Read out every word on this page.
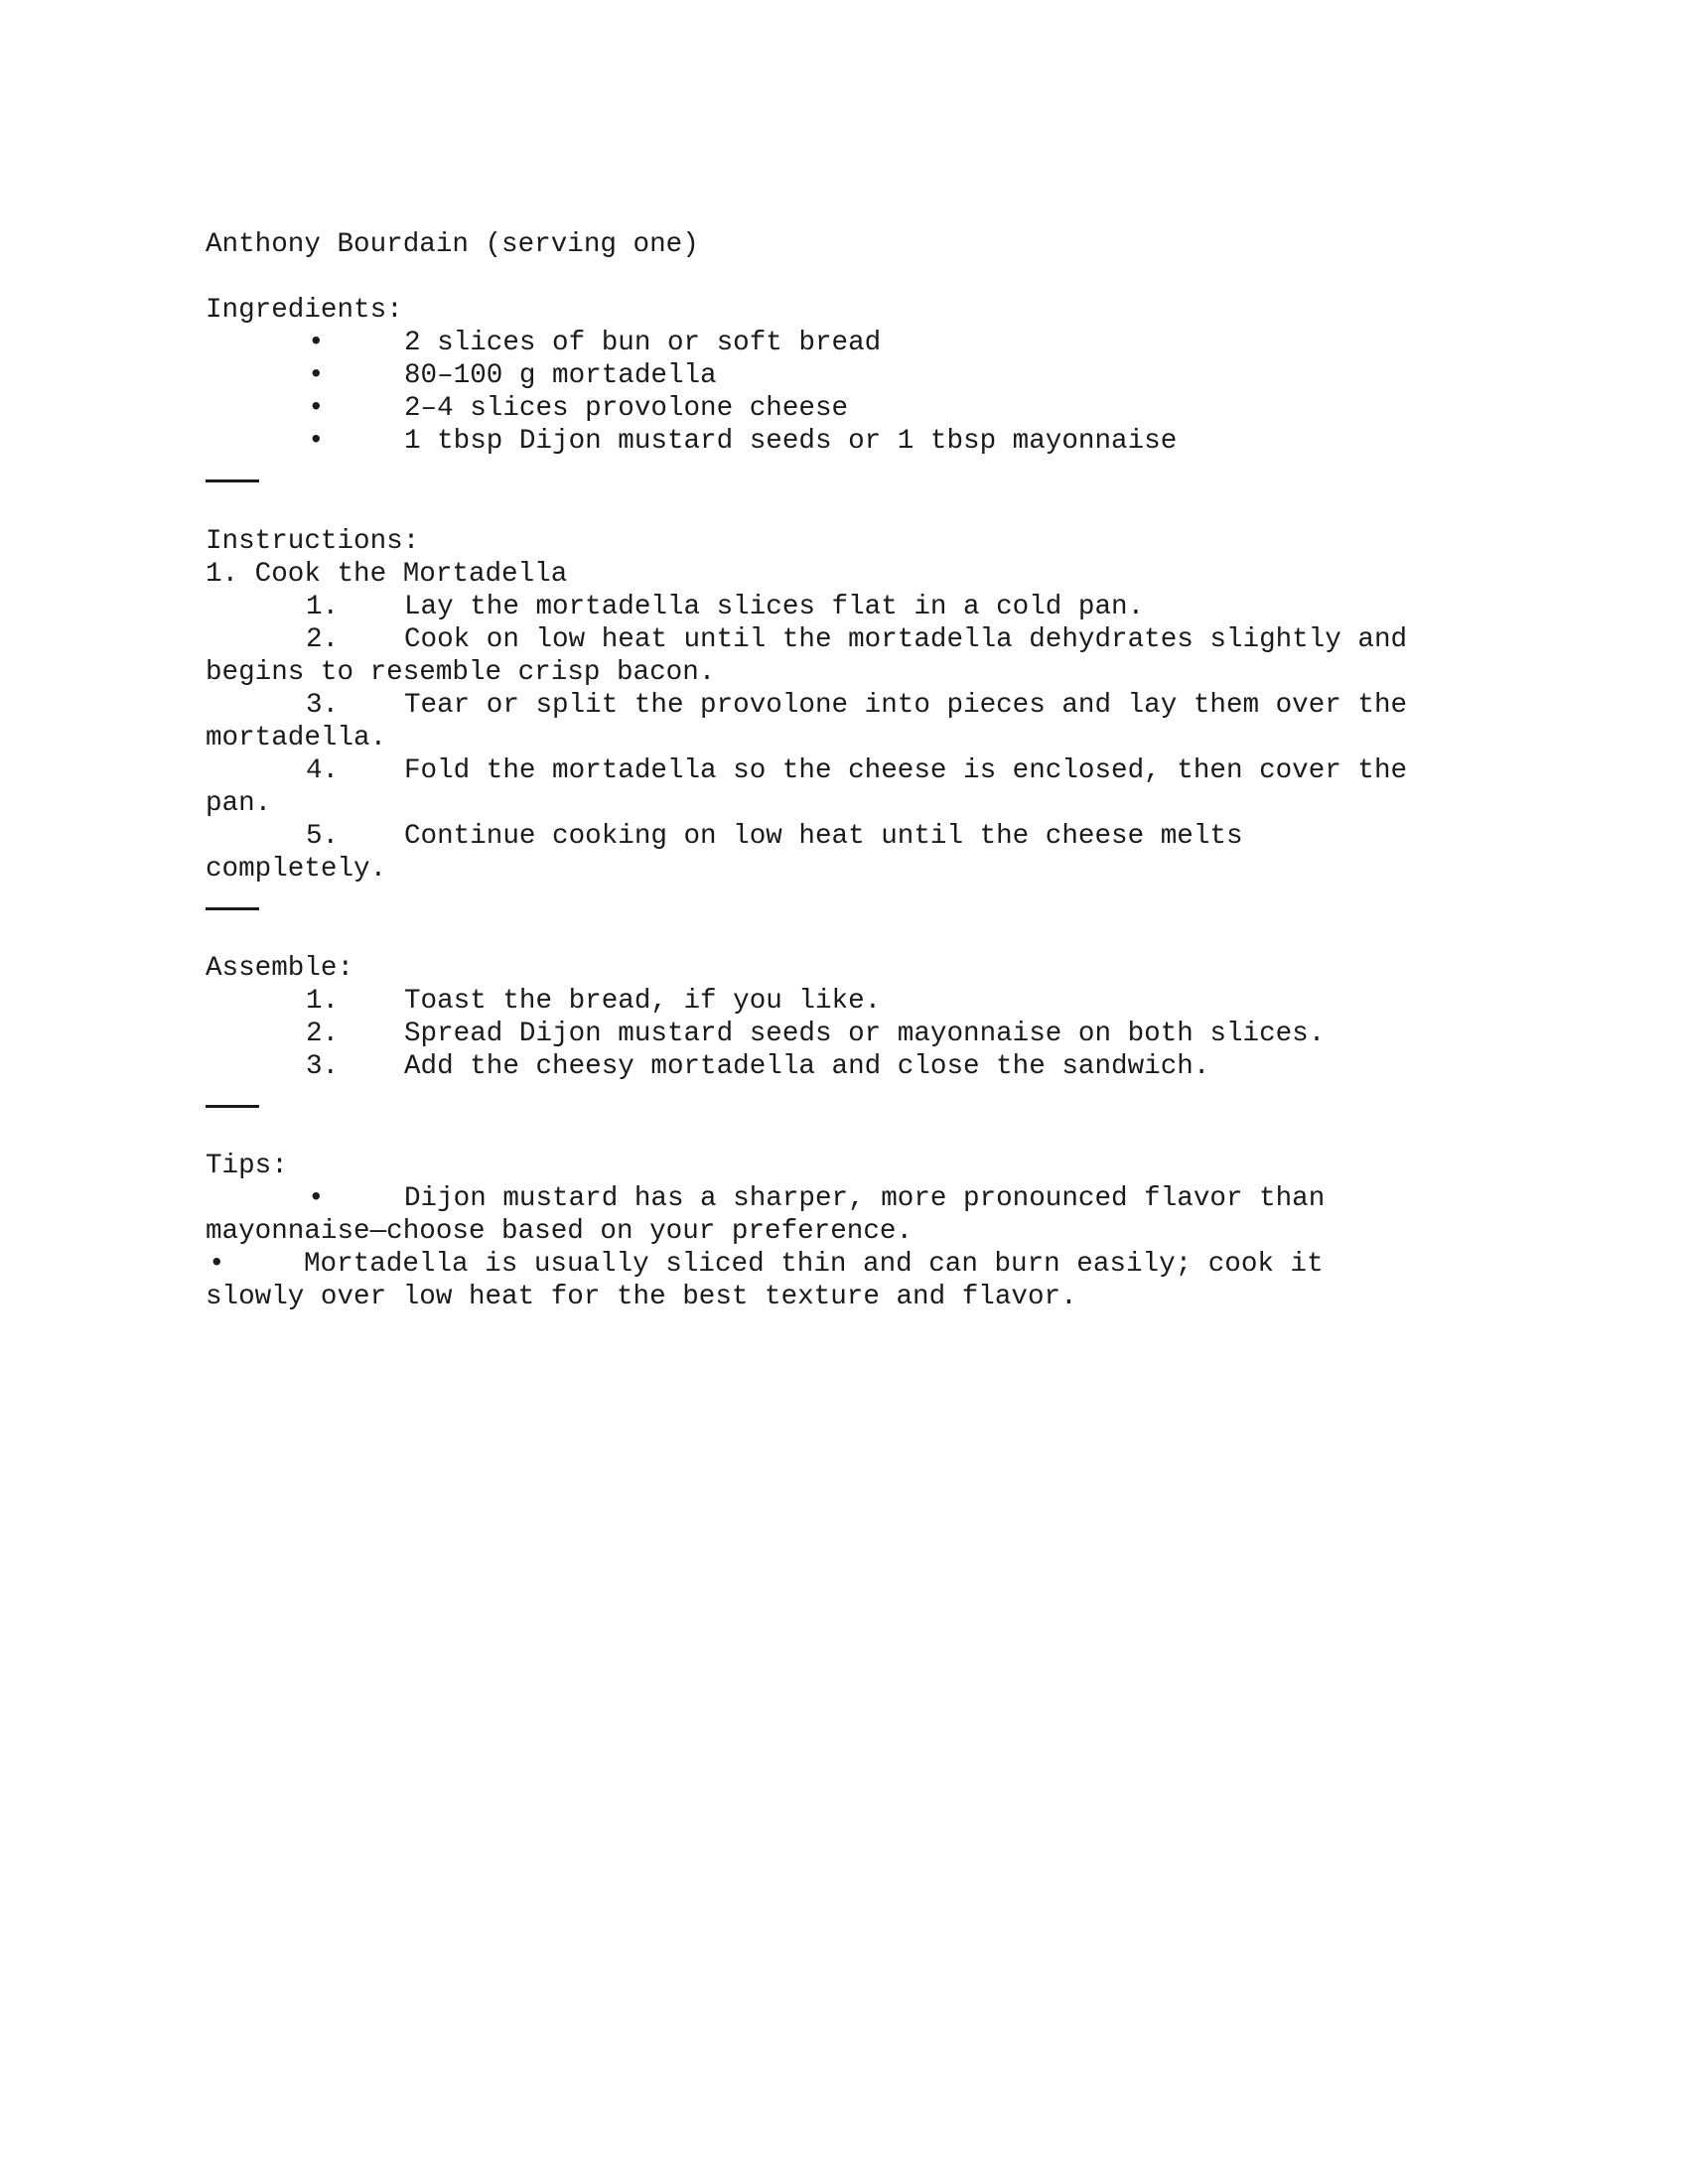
Anthony Bourdain (serving one)
Ingredients:
•	2 slices of bun or soft bread
•	80–100 g mortadella
•	2–4 slices provolone cheese
•	1 tbsp Dijon mustard seeds or 1 tbsp mayonnaise
Instructions:
1. Cook the Mortadella
1. Lay the mortadella slices flat in a cold pan.
2. Cook on low heat until the mortadella dehydrates slightly and
begins to resemble crisp bacon.
3. Tear or split the provolone into pieces and lay them over the
mortadella.
4. Fold the mortadella so the cheese is enclosed, then cover the
pan.
5. Continue cooking on low heat until the cheese melts
completely.
Assemble:
1. Toast the bread, if you like.
2. Spread Dijon mustard seeds or mayonnaise on both slices.
3. Add the cheesy mortadella and close the sandwich.
Tips:
•	Dijon mustard has a sharper, more pronounced flavor than
mayonnaise—choose based on your preference.
•	Mortadella is usually sliced thin and can burn easily; cook it
slowly over low heat for the best texture and flavor.
